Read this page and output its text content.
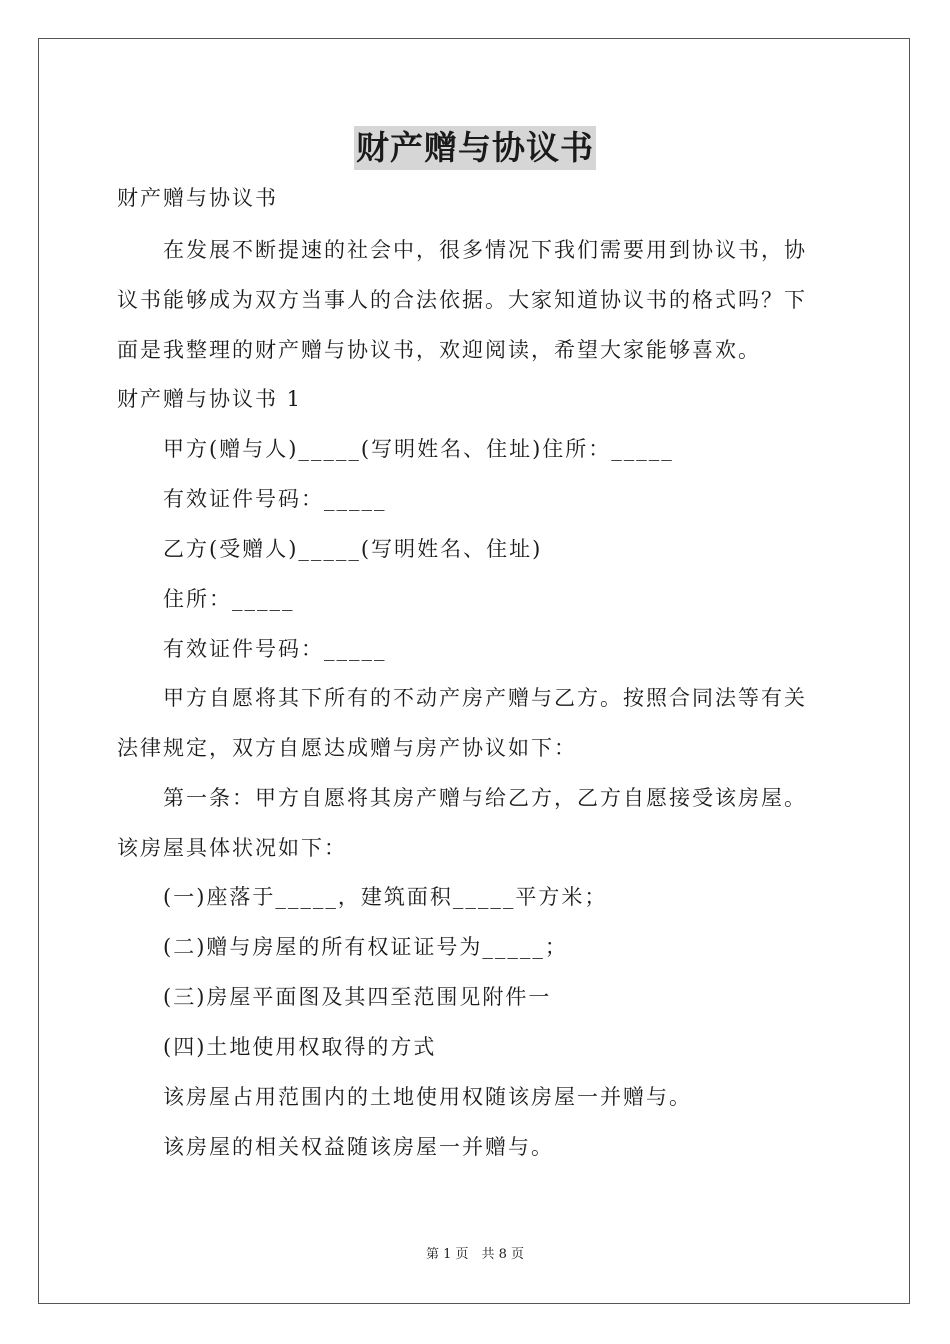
财产赠与协议书
财产赠与协议书
在发展不断提速的社会中，很多情况下我们需要用到协议书，协
议书能够成为双方当事人的合法依据。大家知道协议书的格式吗？下
面是我整理的财产赠与协议书，欢迎阅读，希望大家能够喜欢。
财产赠与协议书 1
甲方(赠与人)_____(写明姓名、住址)住所：_____
有效证件号码：_____
乙方(受赠人)_____(写明姓名、住址)
住所：_____
有效证件号码：_____
甲方自愿将其下所有的不动产房产赠与乙方。按照合同法等有关
法律规定，双方自愿达成赠与房产协议如下：
第一条：甲方自愿将其房产赠与给乙方，乙方自愿接受该房屋。
该房屋具体状况如下：
(一)座落于_____，建筑面积_____平方米；
(二)赠与房屋的所有权证证号为_____；
(三)房屋平面图及其四至范围见附件一
(四)土地使用权取得的方式
该房屋占用范围内的土地使用权随该房屋一并赠与。
该房屋的相关权益随该房屋一并赠与。
第 1 页　共 8 页
